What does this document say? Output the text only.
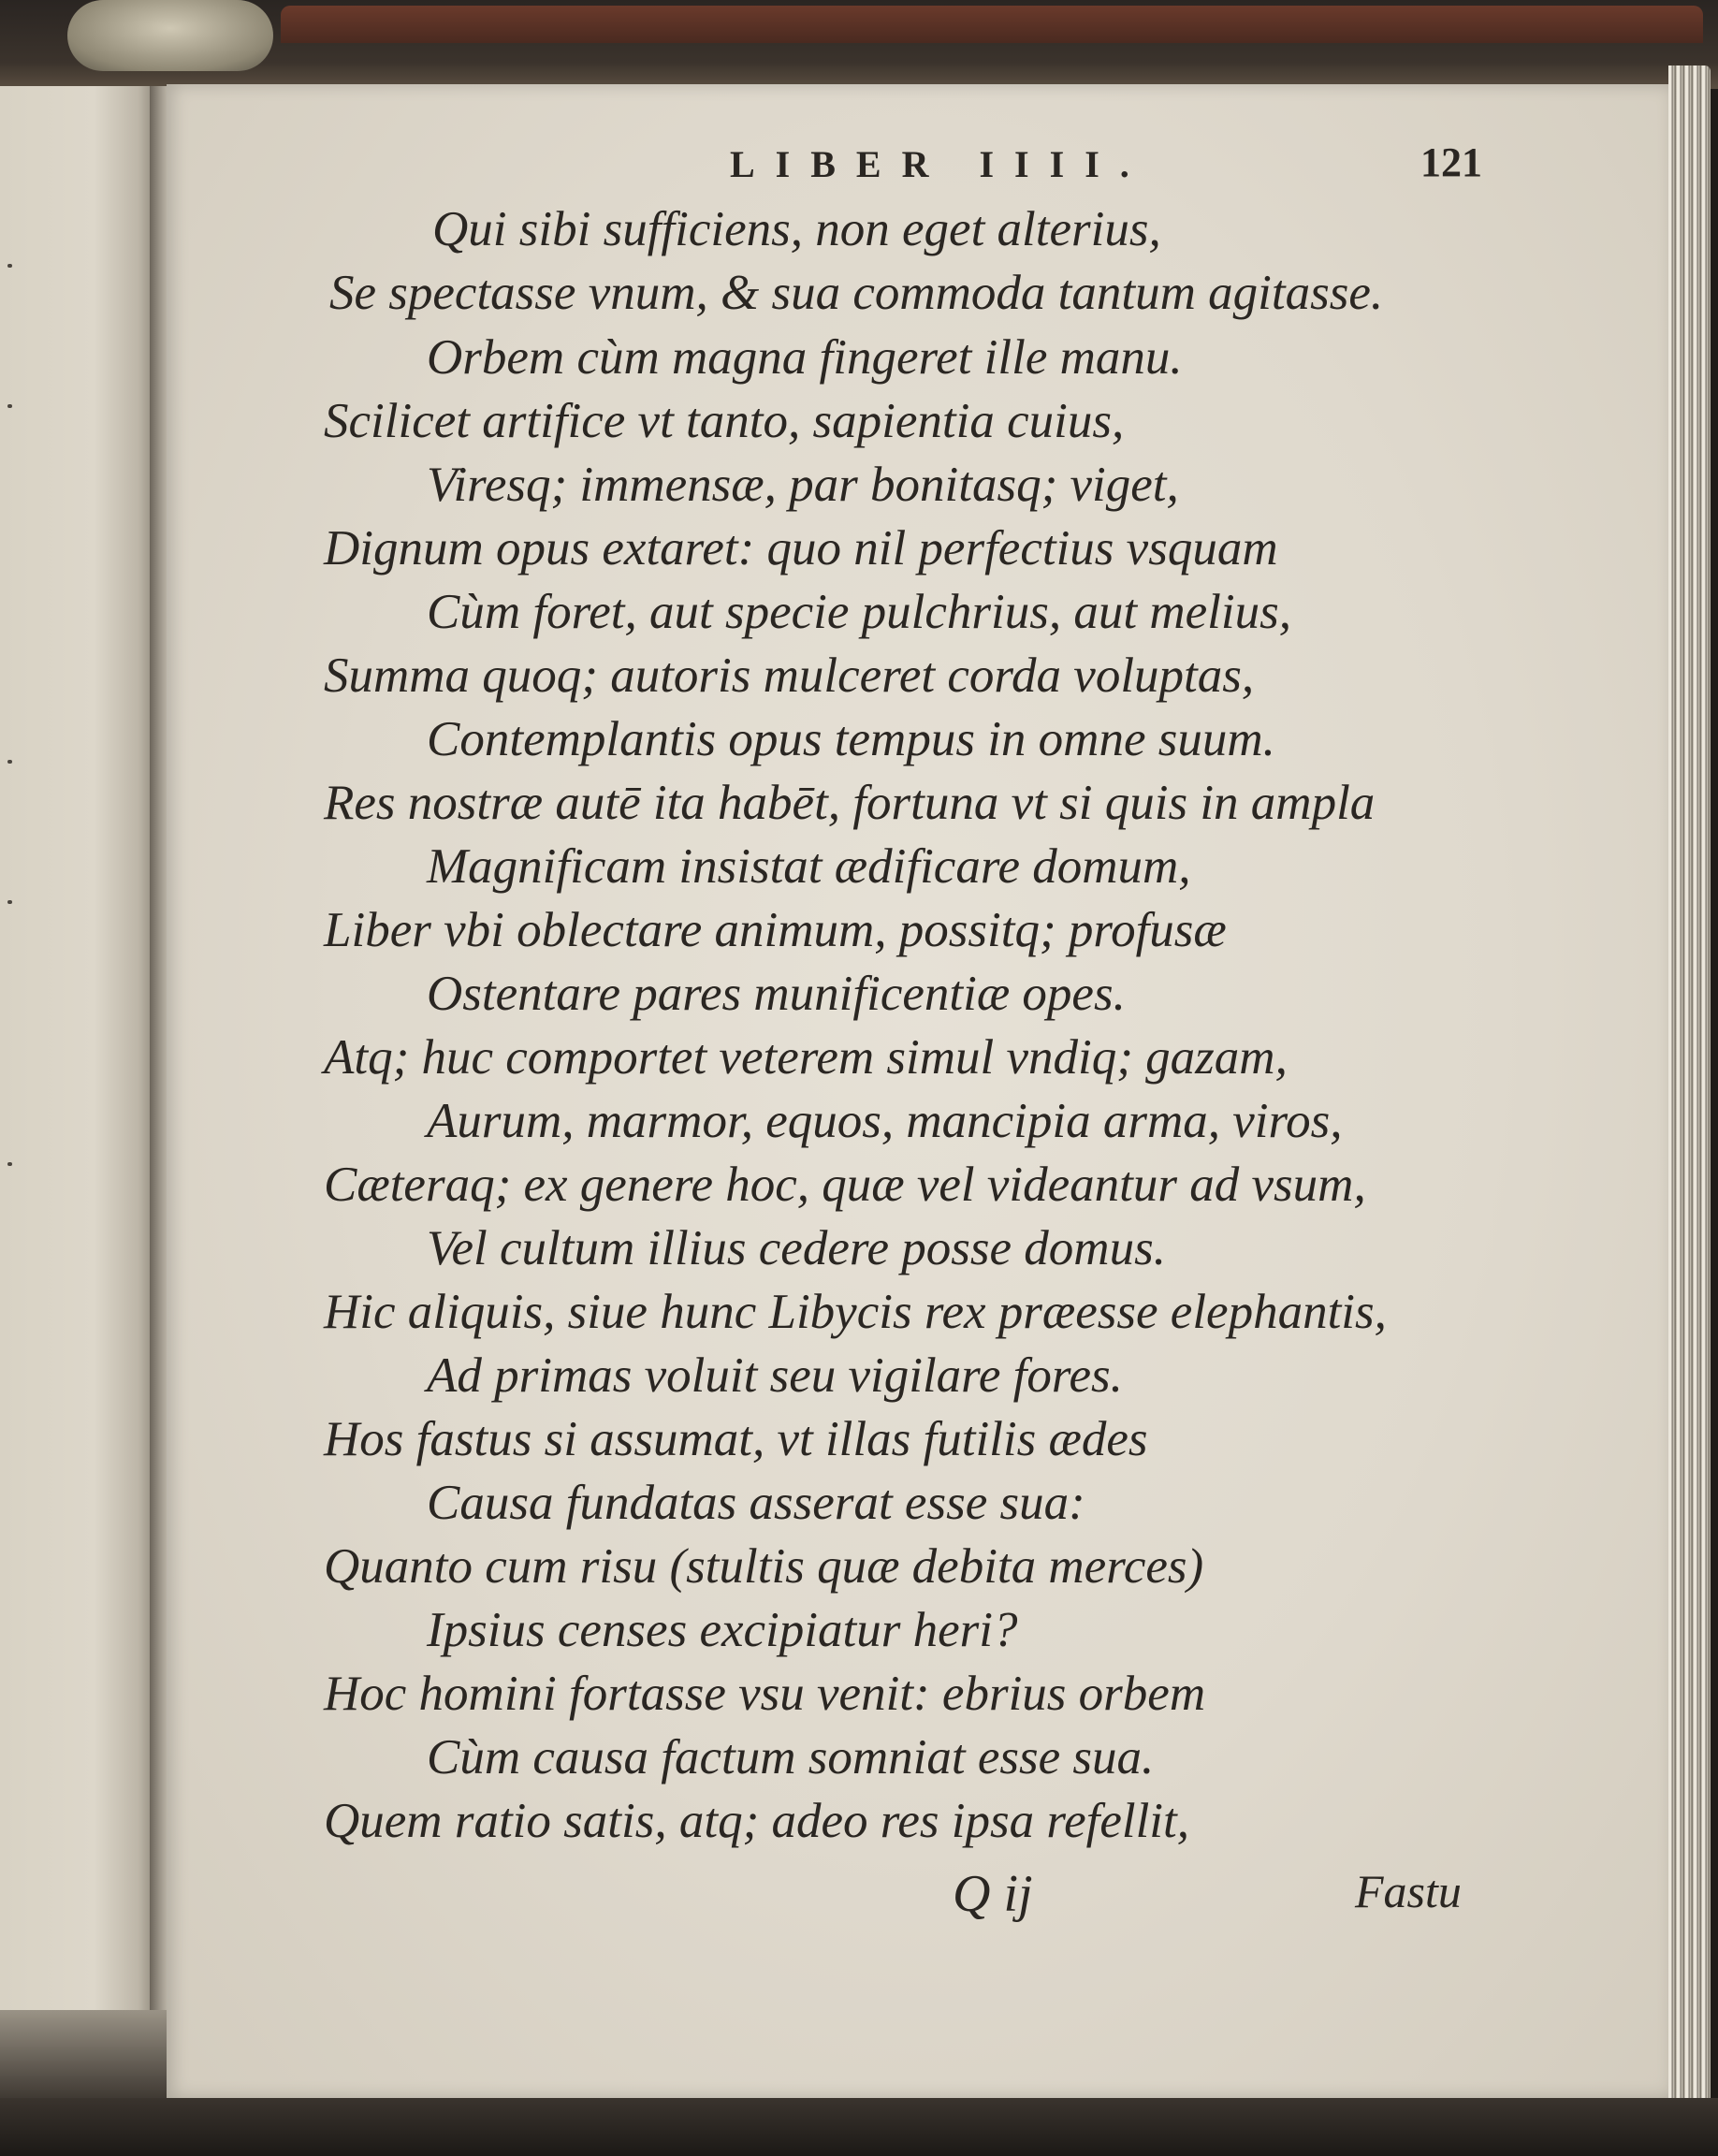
LIBER IIII.	121
Qui sibi sufficiens, non eget alterius,
Se spectasse vnum, & sua commoda tantum agitasse.
Orbem cùm magna fingeret ille manu.
Scilicet artifice vt tanto, sapientia cuius,
Viresq; immensæ, par bonitasq; viget,
Dignum opus extaret: quo nil perfectius vsquam
Cùm foret, aut specie pulchrius, aut melius,
Summa quoq; autoris mulceret corda voluptas,
Contemplantis opus tempus in omne suum.
Res nostræ autē ita habēt, fortuna vt si quis in ampla
Magnificam insistat ædificare domum,
Liber vbi oblectare animum, possitq; profusæ
Ostentare pares munificentiæ opes.
Atq; huc comportet veterem simul vndiq; gazam,
Aurum, marmor, equos, mancipia arma, viros,
Cæteraq; ex genere hoc, quæ vel videantur ad vsum,
Vel cultum illius cedere posse domus.
Hic aliquis, siue hunc Libycis rex præesse elephantis,
Ad primas voluit seu vigilare fores.
Hos fastus si assumat, vt illas futilis ædes
Causa fundatas asserat esse sua:
Quanto cum risu (stultis quæ debita merces)
Ipsius censes excipiatur heri?
Hoc homini fortasse vsu venit: ebrius orbem
Cùm causa factum somniat esse sua.
Quem ratio satis, atq; adeo res ipsa refellit,
Q ij	Fastu
